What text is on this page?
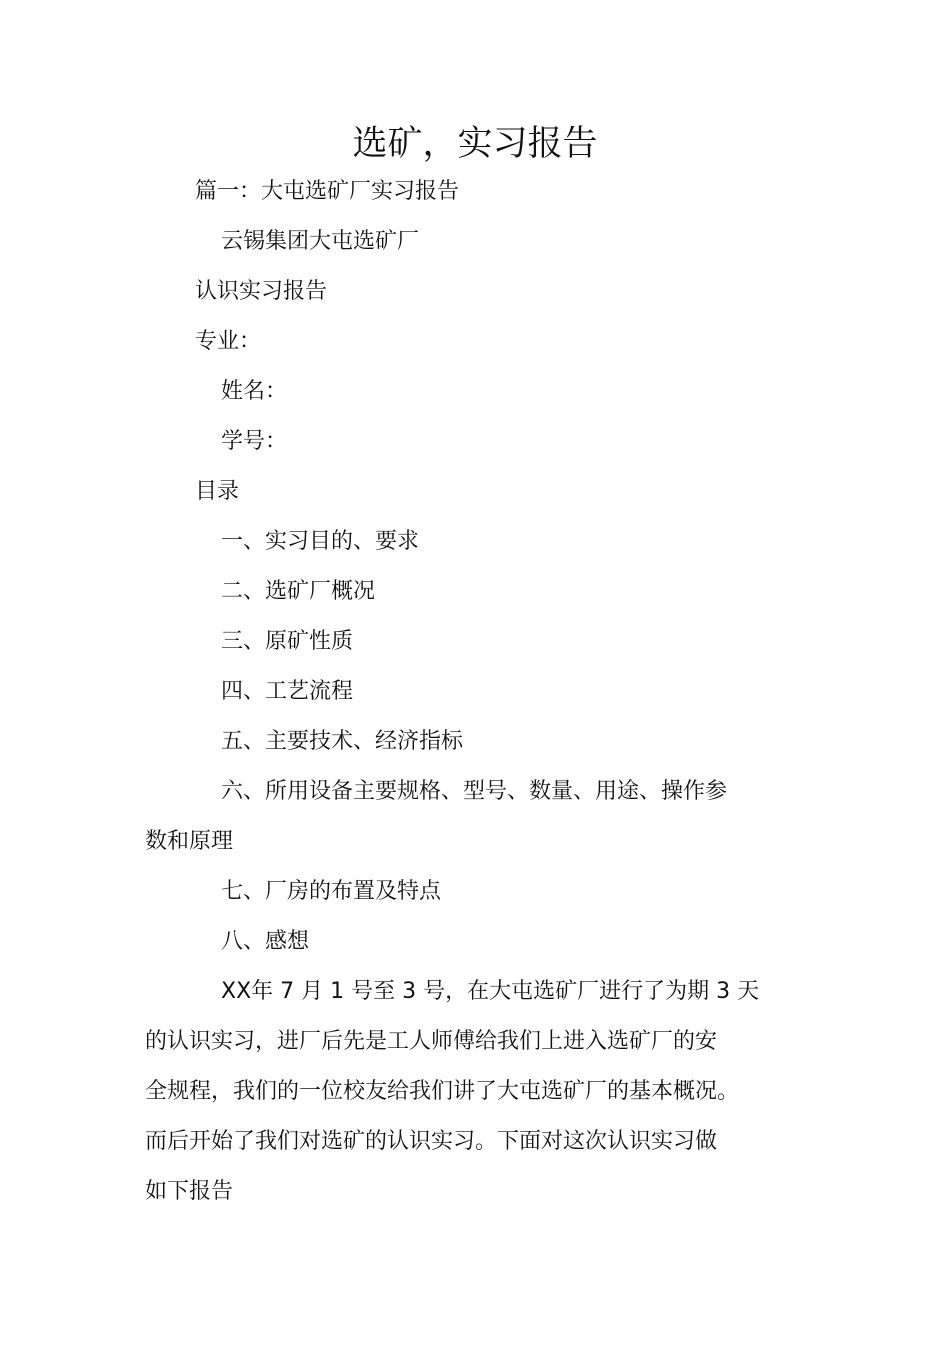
选矿，实习报告
篇一：大屯选矿厂实习报告
云锡集团大屯选矿厂
认识实习报告
专业：
姓名：
学号：
目录
一、实习目的、要求
二、选矿厂概况
三、原矿性质
四、工艺流程
五、主要技术、经济指标
六、所用设备主要规格、型号、数量、用途、操作参
数和原理
七、厂房的布置及特点
八、感想
XX年 7 月 1 号至 3 号，在大屯选矿厂进行了为期 3 天
的认识实习，进厂后先是工人师傅给我们上进入选矿厂的安
全规程，我们的一位校友给我们讲了大屯选矿厂的基本概况。
而后开始了我们对选矿的认识实习。下面对这次认识实习做
如下报告
